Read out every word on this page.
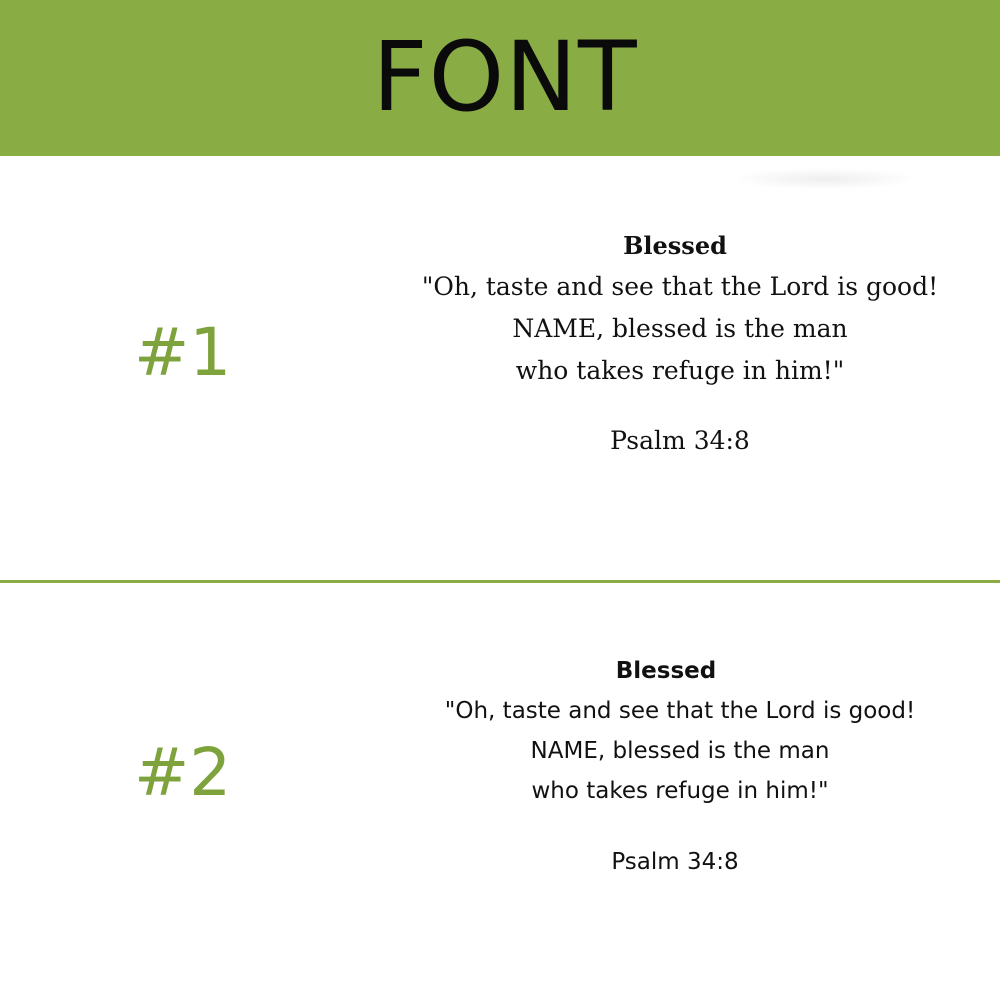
FONT
#1
Blessed
"Oh, taste and see that the Lord is good!
NAME, blessed is the man
who takes refuge in him!"
Psalm 34:8
#2
Blessed
"Oh, taste and see that the Lord is good!
NAME, blessed is the man
who takes refuge in him!"
Psalm 34:8
